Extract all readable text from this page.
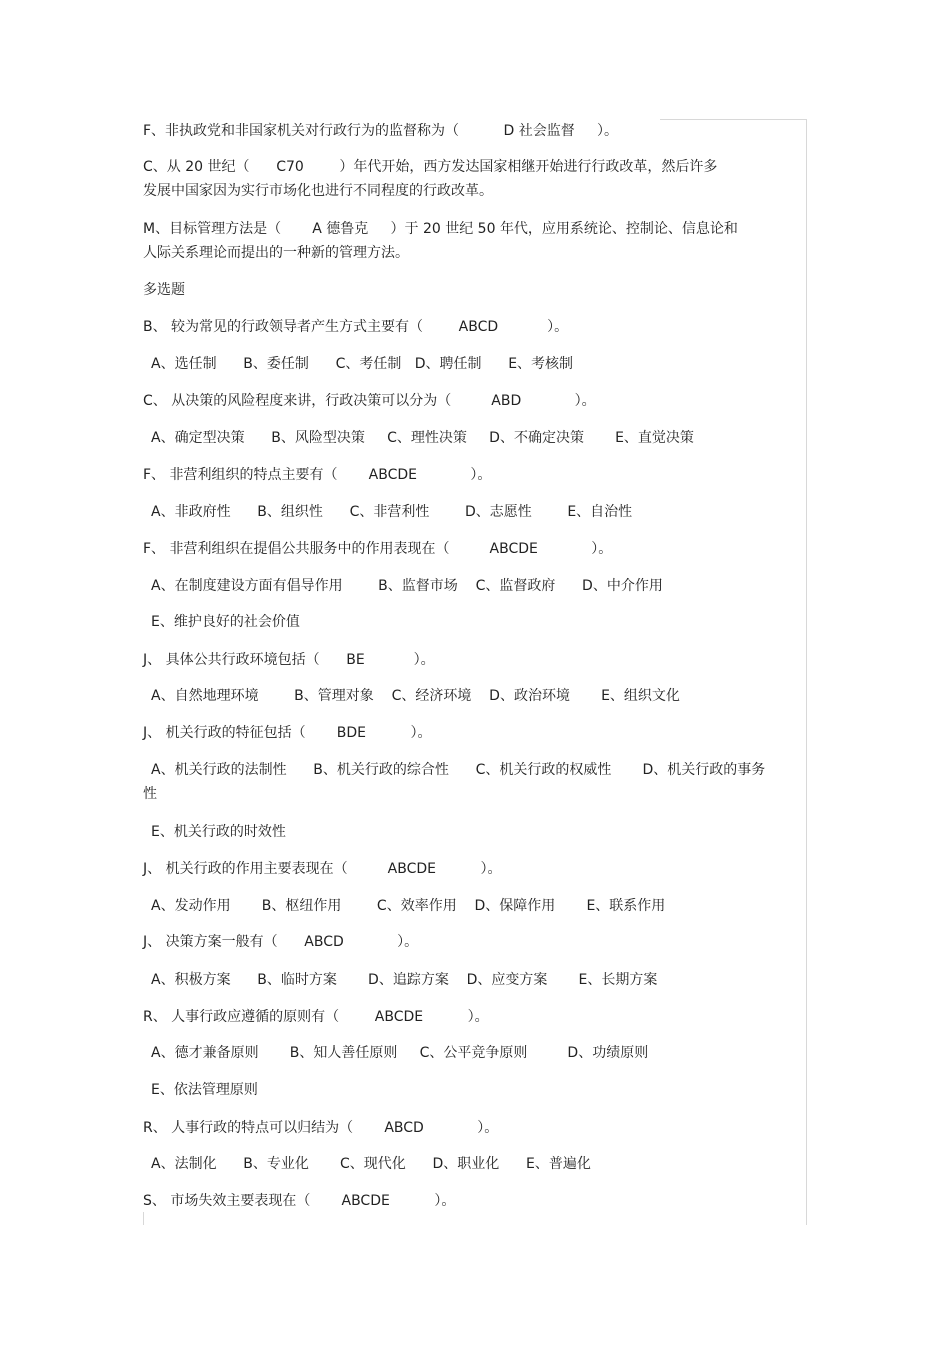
F、非执政党和非国家机关对行政行为的监督称为（          D 社会监督     ）。
C、从 20 世纪（      C70        ）年代开始，西方发达国家相继开始进行行政改革，然后许多
发展中国家因为实行市场化也进行不同程度的行政改革。
M、目标管理方法是（       A 德鲁克     ）于 20 世纪 50 年代，应用系统论、控制论、信息论和
人际关系理论而提出的一种新的管理方法。
多选题
B、 较为常见的行政领导者产生方式主要有（        ABCD           ）。
A、选任制      B、委任制      C、考任制   D、聘任制      E、考核制
C、 从决策的风险程度来讲，行政决策可以分为（         ABD            ）。
A、确定型决策      B、风险型决策     C、理性决策     D、不确定决策       E、直觉决策
F、 非营利组织的特点主要有（       ABCDE            ）。
A、非政府性      B、组织性      C、非营利性        D、志愿性        E、自治性
F、 非营利组织在提倡公共服务中的作用表现在（         ABCDE            ）。
A、在制度建设方面有倡导作用        B、监督市场    C、监督政府      D、中介作用
E、维护良好的社会价值
J、 具体公共行政环境包括（      BE           ）。
A、自然地理环境        B、管理对象    C、经济环境    D、政治环境       E、组织文化
J、 机关行政的特征包括（       BDE          ）。
A、机关行政的法制性      B、机关行政的综合性      C、机关行政的权威性       D、机关行政的事务
性
E、机关行政的时效性
J、 机关行政的作用主要表现在（         ABCDE          ）。
A、发动作用       B、枢纽作用        C、效率作用    D、保障作用       E、联系作用
J、 决策方案一般有（      ABCD            ）。
A、积极方案      B、临时方案       D、追踪方案    D、应变方案       E、长期方案
R、 人事行政应遵循的原则有（        ABCDE          ）。
A、德才兼备原则       B、知人善任原则     C、公平竞争原则         D、功绩原则
E、依法管理原则
R、 人事行政的特点可以归结为（       ABCD            ）。
A、法制化      B、专业化       C、现代化      D、职业化      E、普遍化
S、 市场失效主要表现在（       ABCDE          ）。
